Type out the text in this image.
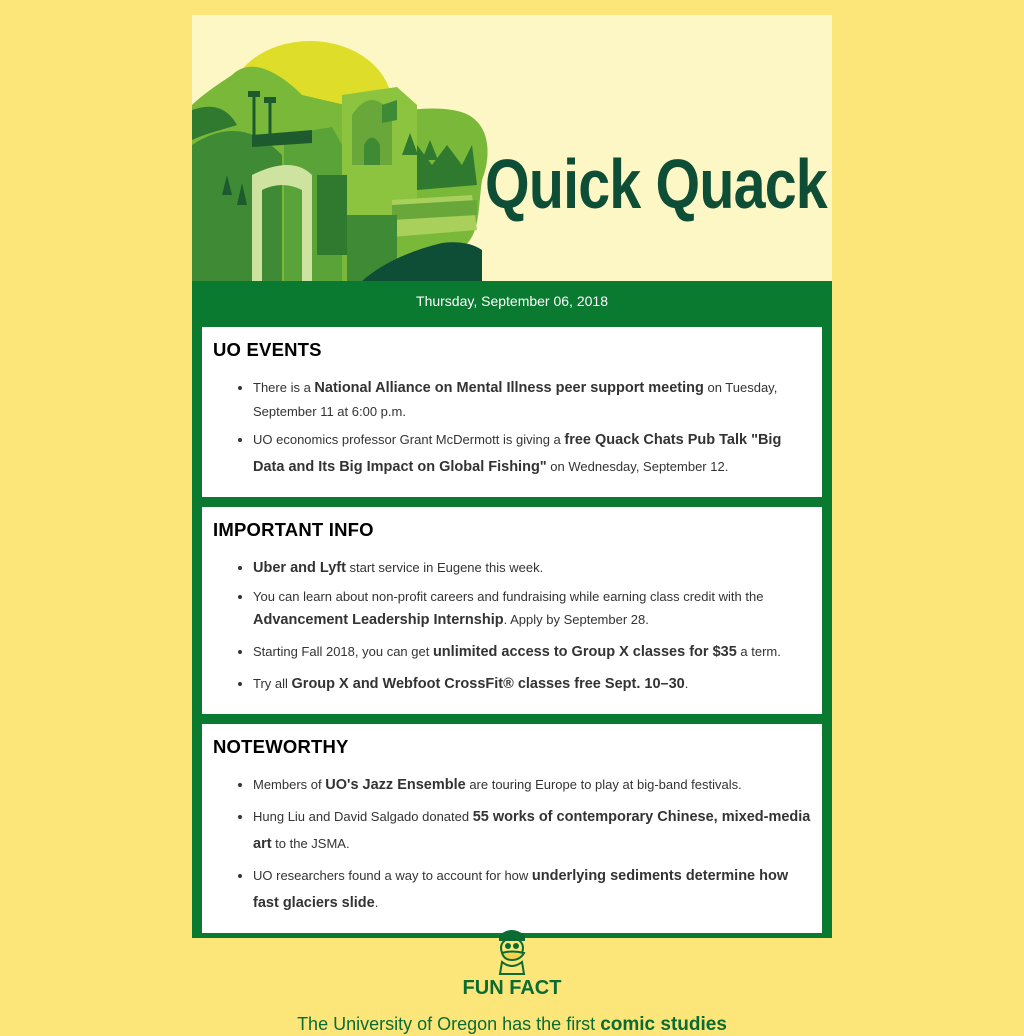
Quick Quack
Thursday, September 06, 2018
UO EVENTS
• There is a National Alliance on Mental Illness peer support meeting on Tuesday, September 11 at 6:00 p.m.
• UO economics professor Grant McDermott is giving a free Quack Chats Pub Talk "Big Data and Its Big Impact on Global Fishing" on Wednesday, September 12.
IMPORTANT INFO
• Uber and Lyft start service in Eugene this week.
• You can learn about non-profit careers and fundraising while earning class credit with the Advancement Leadership Internship. Apply by September 28.
• Starting Fall 2018, you can get unlimited access to Group X classes for $35 a term.
• Try all Group X and Webfoot CrossFit® classes free Sept. 10–30.
NOTEWORTHY
• Members of UO's Jazz Ensemble are touring Europe to play at big-band festivals.
• Hung Liu and David Salgado donated 55 works of contemporary Chinese, mixed-media art to the JSMA.
• UO researchers found a way to account for how underlying sediments determine how fast glaciers slide.
FUN FACT
The University of Oregon has the first comic studies
